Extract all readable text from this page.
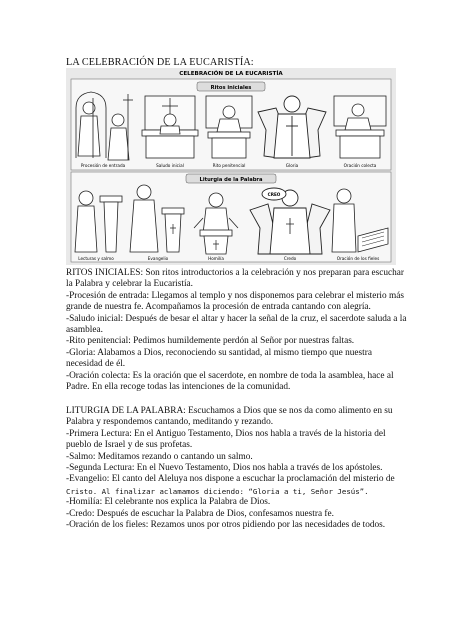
LA CELEBRACIÓN DE LA EUCARISTÍA:
CELEBRACIÓN DE LA EUCARISTÍA
Ritos iniciales
Procesión de entrada	Saludo inicial	Rito penitencial	Gloria	Oración colecta
Liturgia de la Palabra
Lecturas y salmo	Evangelio	Homilía
CREO
Credo	Oración de los fieles

RITOS INICIALES: Son ritos introductorios a la celebración y nos preparan para escuchar

la Palabra y celebrar la Eucaristía.

-Procesión de entrada: Llegamos al templo y nos disponemos para celebrar el misterio más

grande de nuestra fe. Acompañamos la procesión de entrada cantando con alegría.

-Saludo inicial: Después de besar el altar y hacer la señal de la cruz, el sacerdote saluda a la

asamblea.

-Rito penitencial: Pedimos humildemente perdón al Señor por nuestras faltas.

-Gloria: Alabamos a Dios, reconociendo su santidad, al mismo tiempo que nuestra

necesidad de él.

-Oración colecta: Es la oración que el sacerdote, en nombre de toda la asamblea, hace al

Padre. En ella recoge todas las intenciones de la comunidad.

LITURGIA DE LA PALABRA: Escuchamos a Dios que se nos da como alimento en su

Palabra y respondemos cantando, meditando y rezando.

-Primera Lectura: En el Antiguo Testamento, Dios nos habla a través de la historia del

pueblo de Israel y de sus profetas.

-Salmo: Meditamos rezando o cantando un salmo.

-Segunda Lectura: En el Nuevo Testamento, Dios nos habla a través de los apóstoles.

-Evangelio: El canto del Aleluya nos dispone a escuchar la proclamación del misterio de

Cristo. Al finalizar aclamamos diciendo: “Gloria a ti, Señor Jesús”.

-Homilía: El celebrante nos explica la Palabra de Dios.

-Credo: Después de escuchar la Palabra de Dios, confesamos nuestra fe.

-Oración de los fieles: Rezamos unos por otros pidiendo por las necesidades de todos.
